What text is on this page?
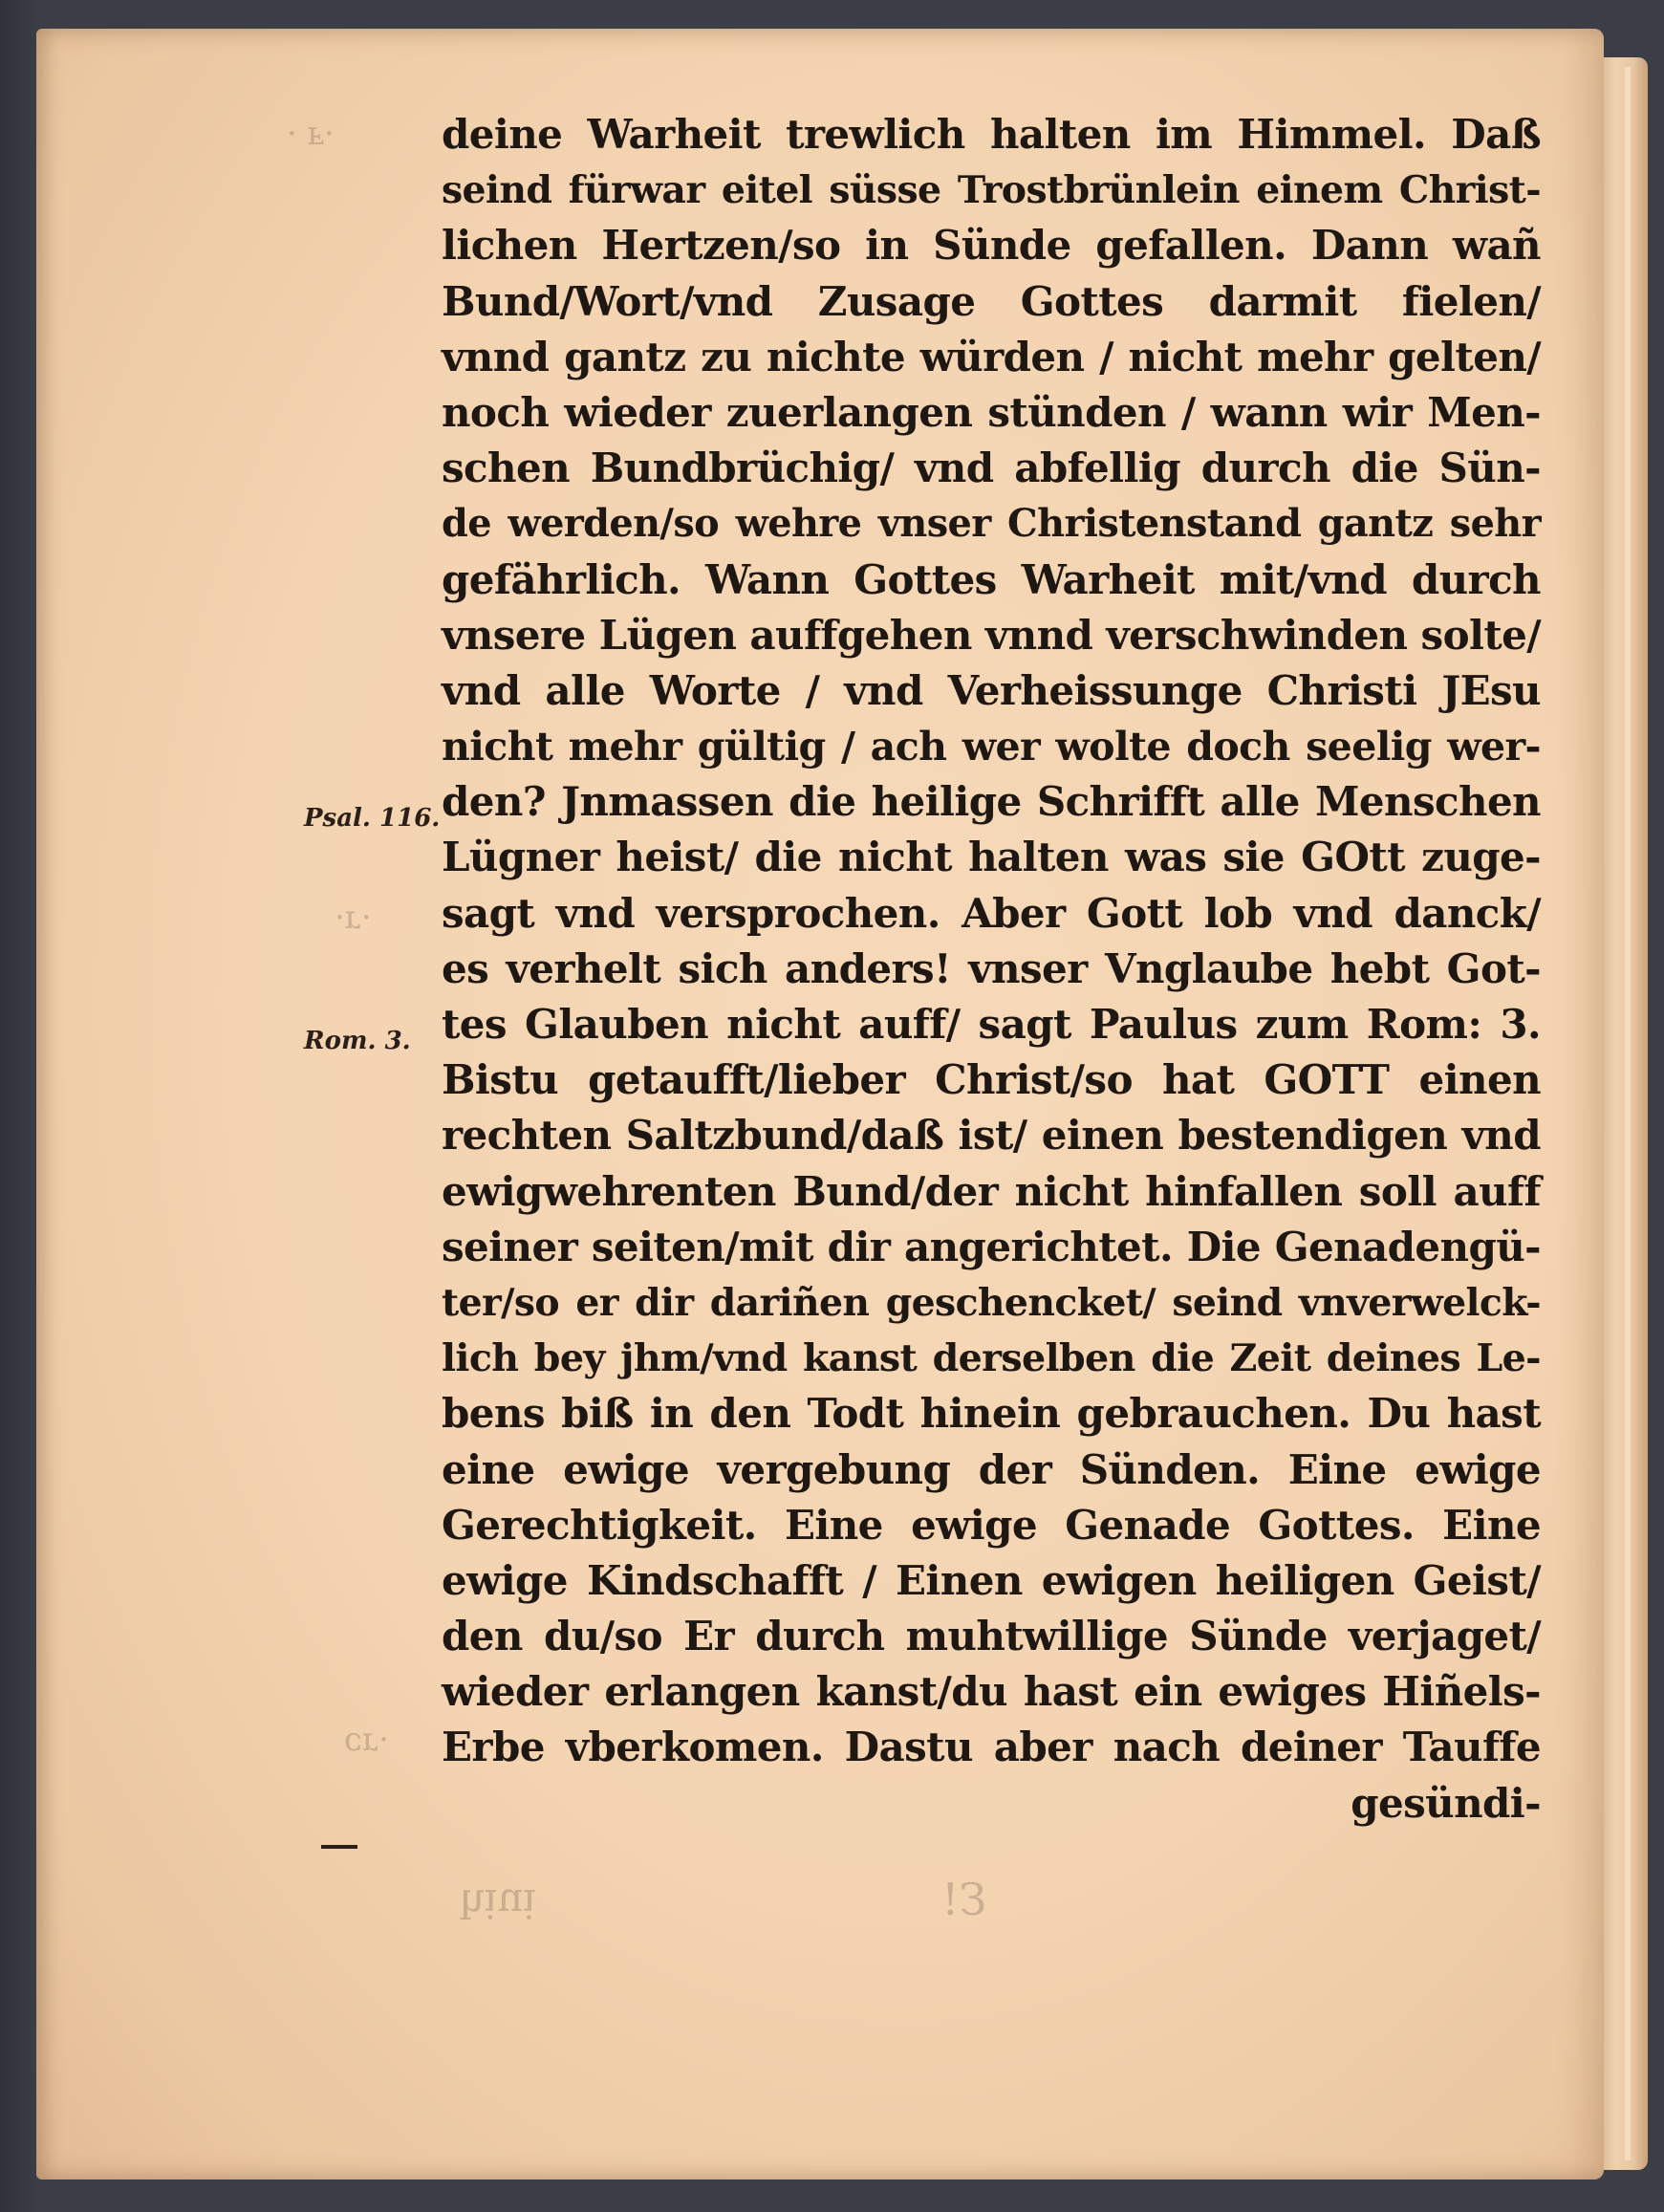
·ⅎ ·
·ɹ·
·ɹɔ
ᴉnᴉɥ	Ɛ!
Psal. 116.
Rom. 3.
deine Warheit trewlich halten im Himmel. Daß
seind fürwar eitel süsse Trostbrünlein einem Christ-
lichen Hertzen/so in Sünde gefallen. Dann wañ
Bund/Wort/vnd Zusage Gottes darmit fielen/
vnnd gantz zu nichte würden / nicht mehr gelten/
noch wieder zuerlangen stünden / wann wir Men-
schen Bundbrüchig/ vnd abfellig durch die Sün-
de werden/so wehre vnser Christenstand gantz sehr
gefährlich. Wann Gottes Warheit mit/vnd durch
vnsere Lügen auffgehen vnnd verschwinden solte/
vnd alle Worte / vnd Verheissunge Christi JEsu
nicht mehr gültig / ach wer wolte doch seelig wer-
den? Jnmassen die heilige Schrifft alle Menschen
Lügner heist/ die nicht halten was sie GOtt zuge-
sagt vnd versprochen. Aber Gott lob vnd danck/
es verhelt sich anders! vnser Vnglaube hebt Got-
tes Glauben nicht auff/ sagt Paulus zum Rom: 3.
Bistu getaufft/lieber Christ/so hat GOTT einen
rechten Saltzbund/daß ist/ einen bestendigen vnd
ewigwehrenten Bund/der nicht hinfallen soll auff
seiner seiten/mit dir angerichtet. Die Genadengü-
ter/so er dir dariñen geschencket/ seind vnverwelck-
lich bey jhm/vnd kanst derselben die Zeit deines Le-
bens biß in den Todt hinein gebrauchen. Du hast
eine ewige vergebung der Sünden. Eine ewige
Gerechtigkeit. Eine ewige Genade Gottes. Eine
ewige Kindschafft / Einen ewigen heiligen Geist/
den du/so Er durch muhtwillige Sünde verjaget/
wieder erlangen kanst/du hast ein ewiges Hiñels-
Erbe vberkomen. Dastu aber nach deiner Tauffe
gesündi-
